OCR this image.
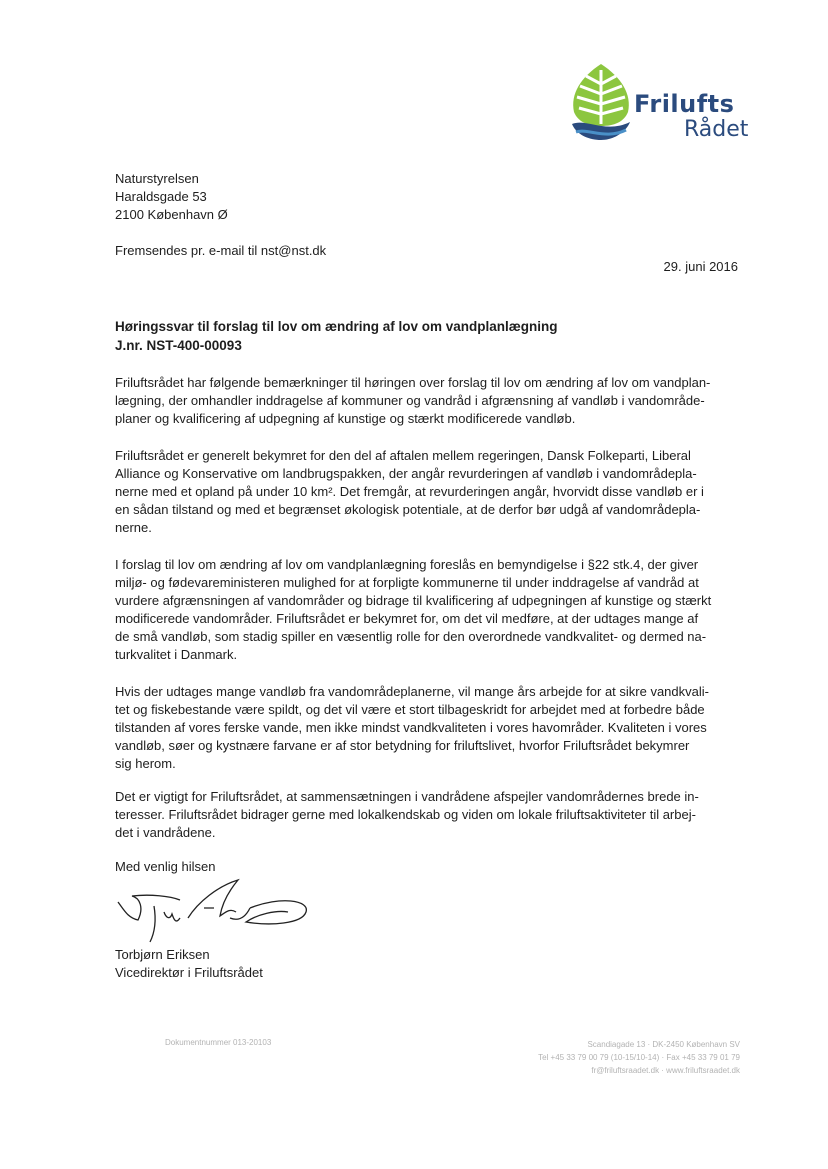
Frilufts
Rådet
Naturstyrelsen
Haraldsgade 53
2100 København Ø
Fremsendes pr. e-mail til nst@nst.dk
29. juni 2016
Høringssvar til forslag til lov om ændring af lov om vandplanlægning
J.nr. NST-400-00093
Friluftsrådet har følgende bemærkninger til høringen over forslag til lov om ændring af lov om vandplan-
lægning, der omhandler inddragelse af kommuner og vandråd i afgrænsning af vandløb i vandområde-
planer og kvalificering af udpegning af kunstige og stærkt modificerede vandløb.
Friluftsrådet er generelt bekymret for den del af aftalen mellem regeringen, Dansk Folkeparti, Liberal
Alliance og Konservative om landbrugspakken, der angår revurderingen af vandløb i vandområdepla-
nerne med et opland på under 10 km². Det fremgår, at revurderingen angår, hvorvidt disse vandløb er i
en sådan tilstand og med et begrænset økologisk potentiale, at de derfor bør udgå af vandområdepla-
nerne.
I forslag til lov om ændring af lov om vandplanlægning foreslås en bemyndigelse i §22 stk.4, der giver
miljø- og fødevareministeren mulighed for at forpligte kommunerne til under inddragelse af vandråd at
vurdere afgrænsningen af vandområder og bidrage til kvalificering af udpegningen af kunstige og stærkt
modificerede vandområder. Friluftsrådet er bekymret for, om det vil medføre, at der udtages mange af
de små vandløb, som stadig spiller en væsentlig rolle for den overordnede vandkvalitet- og dermed na-
turkvalitet i Danmark.
Hvis der udtages mange vandløb fra vandområdeplanerne, vil mange års arbejde for at sikre vandkvali-
tet og fiskebestande være spildt, og det vil være et stort tilbageskridt for arbejdet med at forbedre både
tilstanden af vores ferske vande, men ikke mindst vandkvaliteten i vores havområder. Kvaliteten i vores
vandløb, søer og kystnære farvane er af stor betydning for friluftslivet, hvorfor Friluftsrådet bekymrer
sig herom.
Det er vigtigt for Friluftsrådet, at sammensætningen i vandrådene afspejler vandområdernes brede in-
teresser. Friluftsrådet bidrager gerne med lokalkendskab og viden om lokale friluftsaktiviteter til arbej-
det i vandrådene.
Med venlig hilsen
Torbjørn Eriksen
Vicedirektør i Friluftsrådet
Dokumentnummer 013-20103	Scandiagade 13 · DK-2450 København SV
Tel +45 33 79 00 79 (10-15/10-14) · Fax +45 33 79 01 79
fr@friluftsraadet.dk · www.friluftsraadet.dk
